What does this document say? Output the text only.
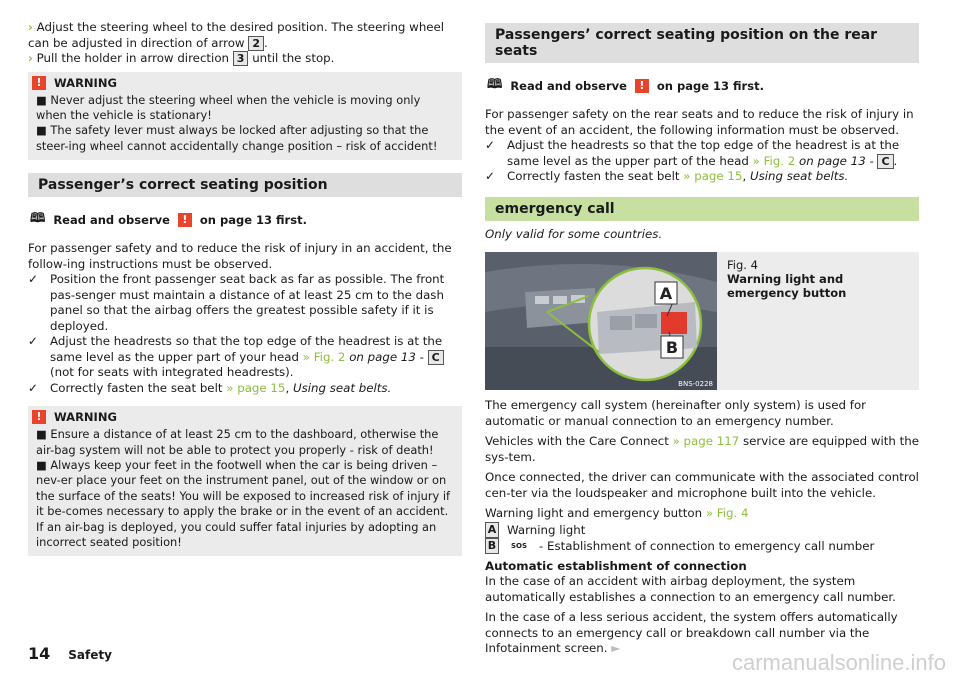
› Adjust the steering wheel to the desired position. The steering wheel can be adjusted in direction of arrow 2 .
› Pull the holder in arrow direction 3 until the stop.
!	WARNING
■ Never adjust the steering wheel when the vehicle is moving only when the vehicle is stationary!
■ The safety lever must always be locked after adjusting so that the steer-ing wheel cannot accidentally change position – risk of accident!
Passenger’s correct seating position
🕮 Read and observe	!	on page 13 first.
For passenger safety and to reduce the risk of injury in an accident, the follow-ing instructions must be observed.
✓	Position the front passenger seat back as far as possible. The front pas-senger must maintain a distance of at least 25 cm to the dash panel so that the airbag offers the greatest possible safety if it is deployed.
✓	Adjust the headrests so that the top edge of the headrest is at the same level as the upper part of your head » Fig. 2 on page 13 - C (not for seats with integrated headrests).
✓	Correctly fasten the seat belt » page 15, Using seat belts.
!	WARNING
■ Ensure a distance of at least 25 cm to the dashboard, otherwise the air-bag system will not be able to protect you properly - risk of death!
■ Always keep your feet in the footwell when the car is being driven – nev-er place your feet on the instrument panel, out of the window or on the surface of the seats! You will be exposed to increased risk of injury if it be-comes necessary to apply the brake or in the event of an accident. If an air-bag is deployed, you could suffer fatal injuries by adopting an incorrect seated position!
Passengers’ correct seating position on the rear seats
🕮 Read and observe	!	on page 13 first.
For passenger safety on the rear seats and to reduce the risk of injury in the event of an accident, the following information must be observed.
✓	Adjust the headrests so that the top edge of the headrest is at the same level as the upper part of the head » Fig. 2 on page 13 - C .
✓	Correctly fasten the seat belt » page 15, Using seat belts.
emergency call
Only valid for some countries.
A
B
BNS-0228
Fig. 4
Warning light and emergency button
The emergency call system (hereinafter only system) is used for automatic or manual connection to an emergency number.
Vehicles with the Care Connect » page 117 service are equipped with the sys-tem.
Once connected, the driver can communicate with the associated control cen-ter via the loudspeaker and microphone built into the vehicle.
Warning light and emergency button » Fig. 4
A Warning light
B	SOS	- Establishment of connection to emergency call number
Automatic establishment of connection
In the case of an accident with airbag deployment, the system automatically establishes a connection to an emergency call number.
In the case of a less serious accident, the system offers automatically connects to an emergency call or breakdown call number via the Infotainment screen. ►
14 Safety	carmanualsonline.info
